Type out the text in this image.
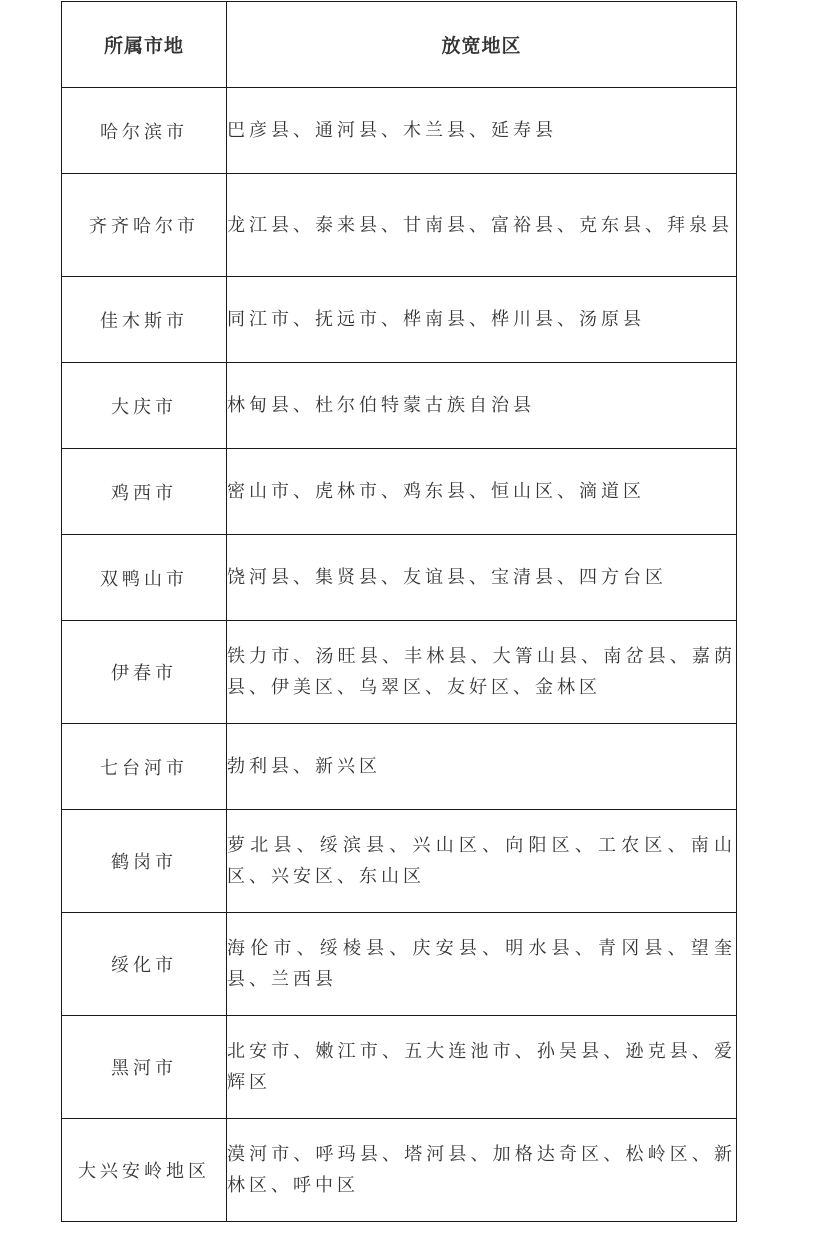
所属市地	放宽地区
哈尔滨市	巴彦县、通河县、木兰县、延寿县
齐齐哈尔市	龙江县、泰来县、甘南县、富裕县、克东县、拜泉县
佳木斯市	同江市、抚远市、桦南县、桦川县、汤原县
大庆市	林甸县、杜尔伯特蒙古族自治县
鸡西市	密山市、虎林市、鸡东县、恒山区、滴道区
双鸭山市	饶河县、集贤县、友谊县、宝清县、四方台区
伊春市	铁力市、汤旺县、丰林县、大箐山县、南岔县、嘉荫县、伊美区、乌翠区、友好区、金林区
七台河市	勃利县、新兴区
鹤岗市	萝北县、绥滨县、兴山区、向阳区、工农区、南山区、兴安区、东山区
绥化市	海伦市、绥棱县、庆安县、明水县、青冈县、望奎县、兰西县
黑河市	北安市、嫩江市、五大连池市、孙吴县、逊克县、爱辉区
大兴安岭地区	漠河市、呼玛县、塔河县、加格达奇区、松岭区、新林区、呼中区
